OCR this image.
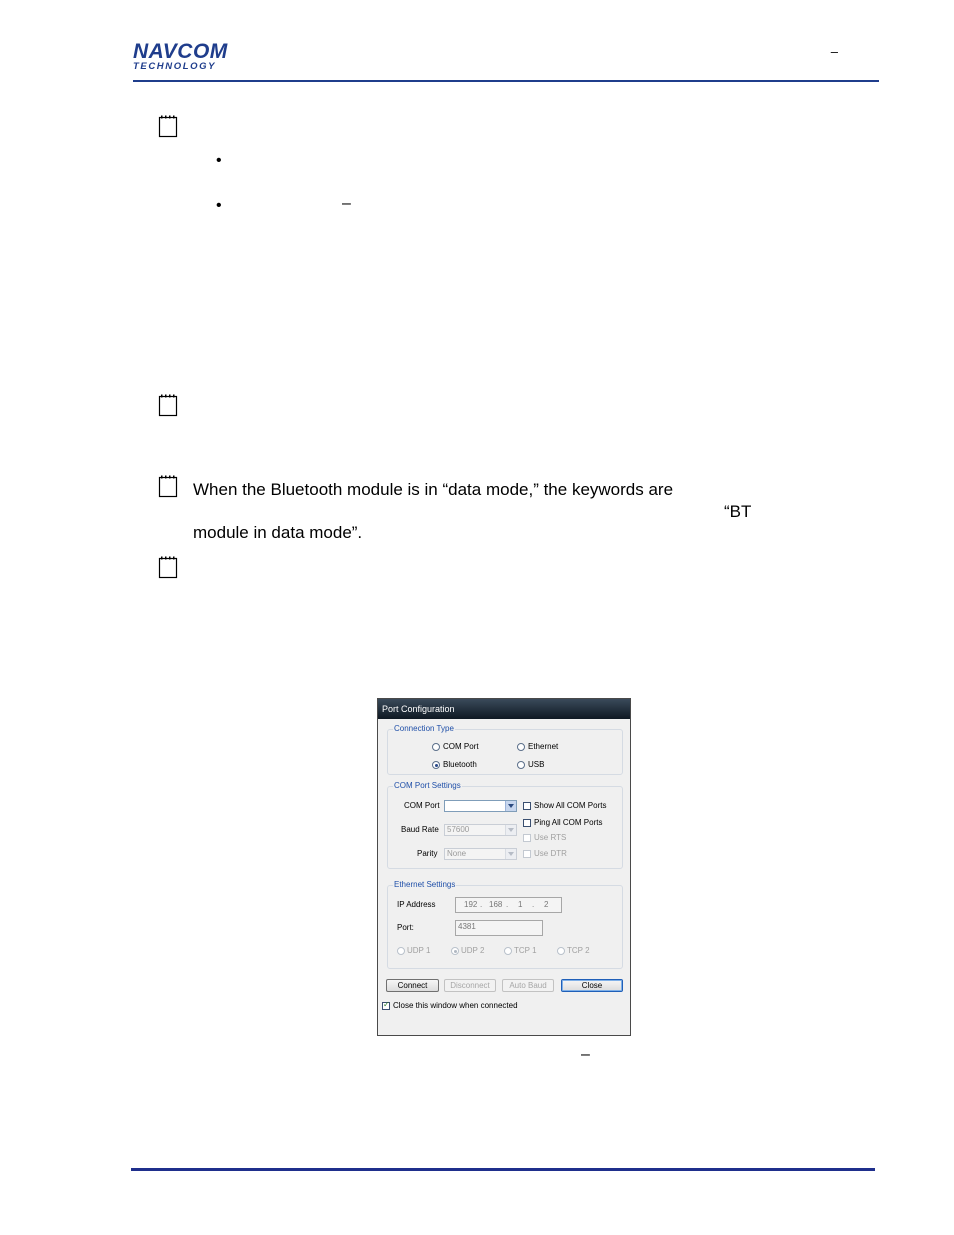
NAVCOM
TECHNOLOGY
–
•
•	–
When the Bluetooth module is in “data mode,” the keywords are
“BT
module in data mode”.
Port Configuration
Connection Type
COM Port	Ethernet
Bluetooth	USB
COM Port Settings
COM Port	Show All COM Ports
Ping All COM Ports
Baud Rate	57600
Use RTS
Parity	None	Use DTR
Ethernet Settings
IP Address	192 . 168 . 1 . 2
Port:	4381
UDP 1	UDP 2	TCP 1	TCP 2
Connect	Disconnect	Auto Baud	Close
✓
Close this window when connected
–
